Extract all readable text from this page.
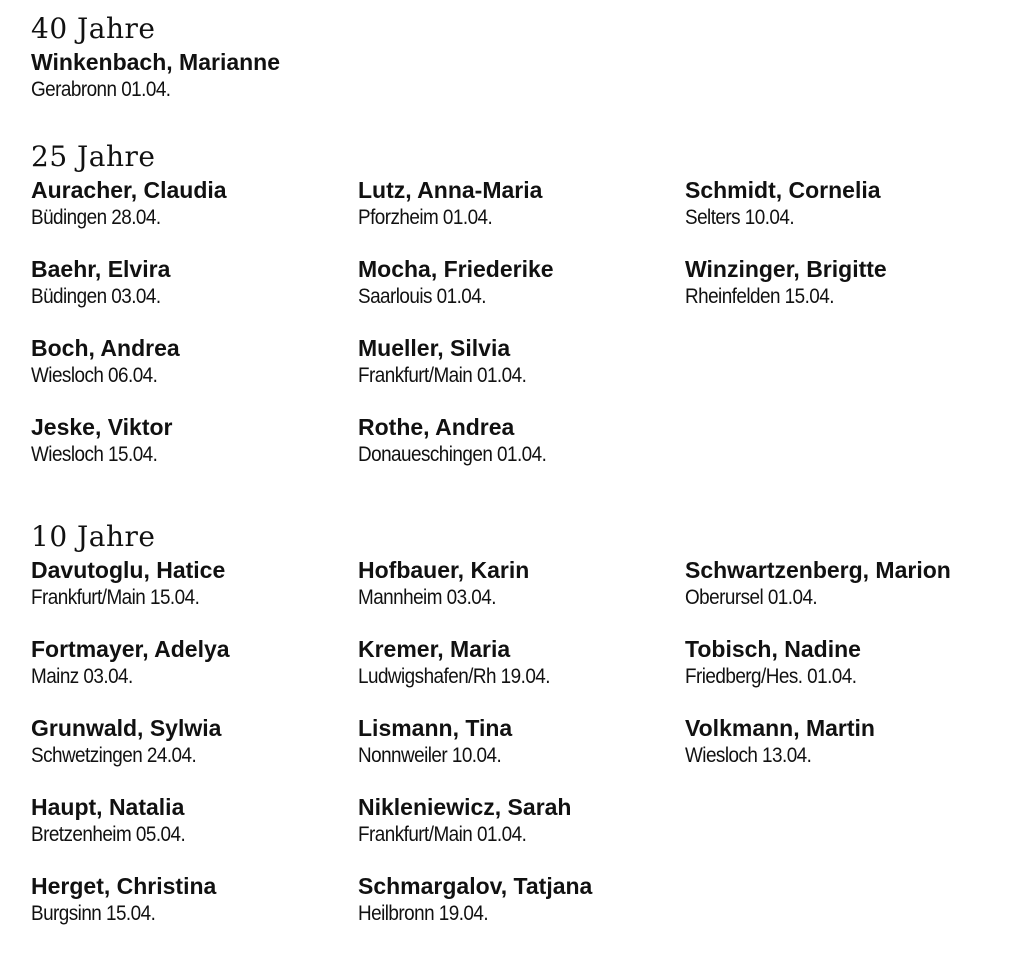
40 Jahre
Winkenbach, Marianne
Gerabronn 01.04.
25 Jahre
Auracher, Claudia
Büdingen 28.04.
Baehr, Elvira
Büdingen 03.04.
Boch, Andrea
Wiesloch 06.04.
Jeske, Viktor
Wiesloch 15.04.
Lutz, Anna-Maria
Pforzheim 01.04.
Mocha, Friederike
Saarlouis 01.04.
Mueller, Silvia
Frankfurt/Main 01.04.
Rothe, Andrea
Donaueschingen 01.04.
Schmidt, Cornelia
Selters 10.04.
Winzinger, Brigitte
Rheinfelden 15.04.
10 Jahre
Davutoglu, Hatice
Frankfurt/Main 15.04.
Fortmayer, Adelya
Mainz 03.04.
Grunwald, Sylwia
Schwetzingen 24.04.
Haupt, Natalia
Bretzenheim 05.04.
Herget, Christina
Burgsinn 15.04.
Hofbauer, Karin
Mannheim 03.04.
Kremer, Maria
Ludwigshafen/Rh 19.04.
Lismann, Tina
Nonnweiler 10.04.
Nikleniewicz, Sarah
Frankfurt/Main 01.04.
Schmargalov, Tatjana
Heilbronn 19.04.
Schwartzenberg, Marion
Oberursel 01.04.
Tobisch, Nadine
Friedberg/Hes. 01.04.
Volkmann, Martin
Wiesloch 13.04.
